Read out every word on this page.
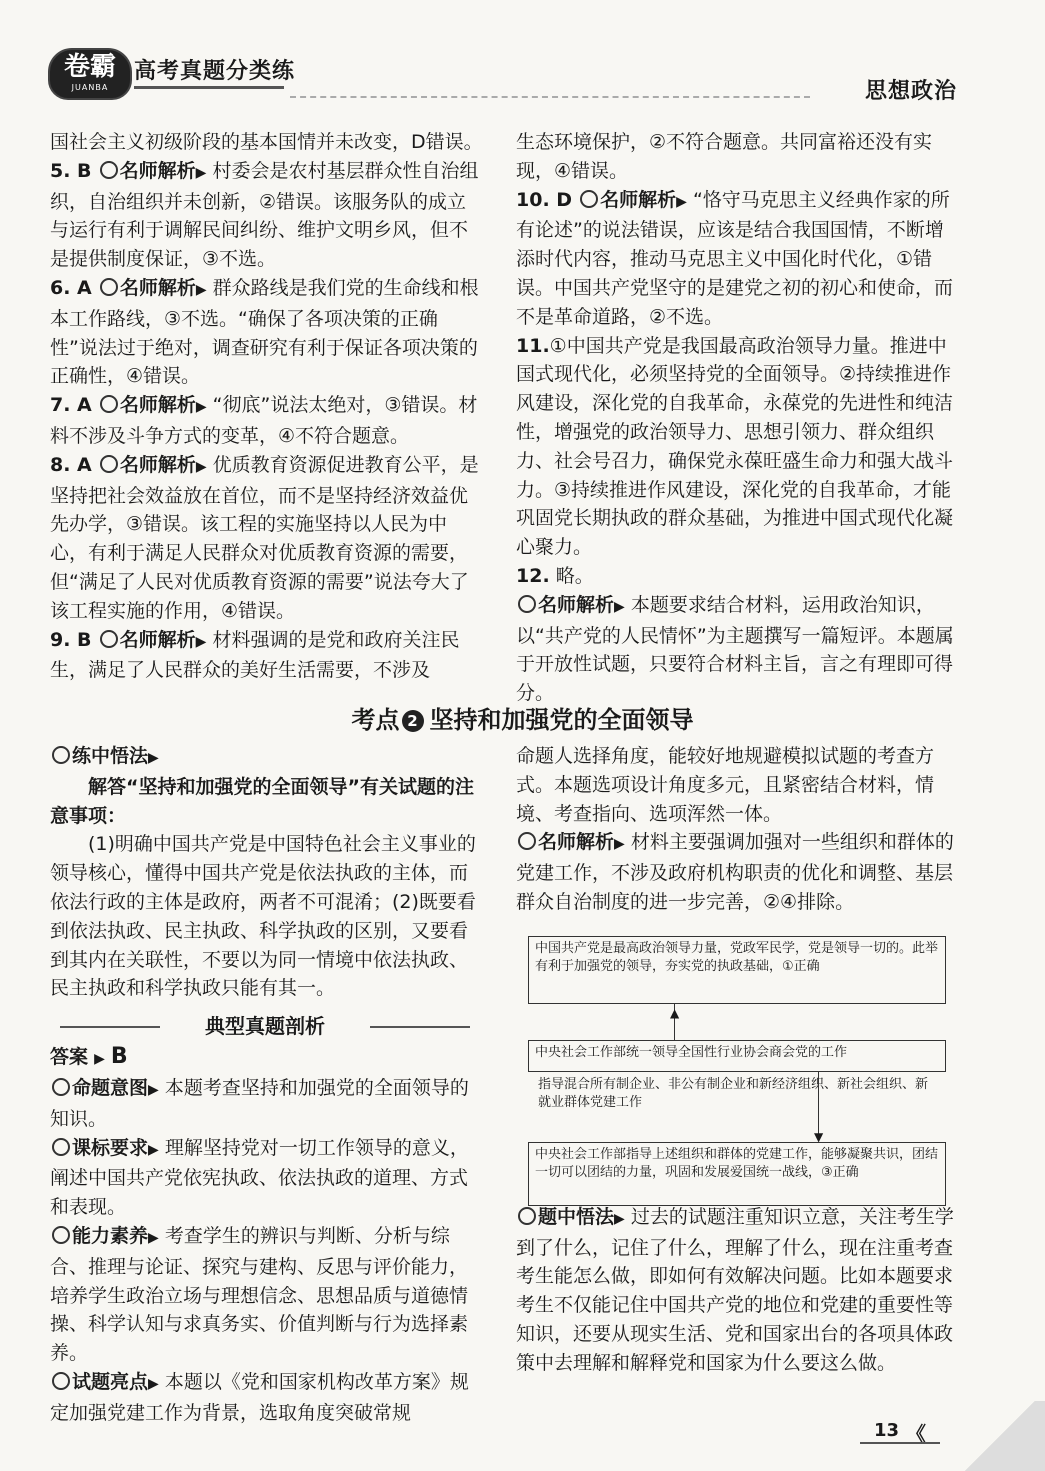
卷霸
JUANBA
高考真题分类练
思想政治

国社会主义初级阶段的基本国情并未改变，D错误。

5. B 名师解析▶ 村委会是农村基层群众性自治组织，自治组织并未创新，②错误。该服务队的成立与运行有利于调解民间纠纷、维护文明乡风，但不是提供制度保证，③不选。

6. A 名师解析▶ 群众路线是我们党的生命线和根本工作路线，③不选。“确保了各项决策的正确性”说法过于绝对，调查研究有利于保证各项决策的正确性，④错误。

7. A 名师解析▶ “彻底”说法太绝对，③错误。材料不涉及斗争方式的变革，④不符合题意。

8. A 名师解析▶ 优质教育资源促进教育公平，是坚持把社会效益放在首位，而不是坚持经济效益优先办学，③错误。该工程的实施坚持以人民为中心，有利于满足人民群众对优质教育资源的需要，但“满足了人民对优质教育资源的需要”说法夸大了该工程实施的作用，④错误。

9. B 名师解析▶ 材料强调的是党和政府关注民生，满足了人民群众的美好生活需要，不涉及

生态环境保护，②不符合题意。共同富裕还没有实现，④错误。

10. D 名师解析▶ “恪守马克思主义经典作家的所有论述”的说法错误，应该是结合我国国情，不断增添时代内容，推动马克思主义中国化时代化，①错误。中国共产党坚守的是建党之初的初心和使命，而不是革命道路，②不选。

11.①中国共产党是我国最高政治领导力量。推进中国式现代化，必须坚持党的全面领导。②持续推进作风建设，深化党的自我革命，永葆党的先进性和纯洁性，增强党的政治领导力、思想引领力、群众组织力、社会号召力，确保党永葆旺盛生命力和强大战斗力。③持续推进作风建设，深化党的自我革命，才能巩固党长期执政的群众基础，为推进中国式现代化凝心聚力。

12. 略。

名师解析▶ 本题要求结合材料，运用政治知识，以“共产党的人民情怀”为主题撰写一篇短评。本题属于开放性试题，只要符合材料主旨，言之有理即可得分。

考点 2 坚持和加强党的全面领导

练中悟法▶

解答“坚持和加强党的全面领导”有关试题的注意事项：

(1)明确中国共产党是中国特色社会主义事业的领导核心，懂得中国共产党是依法执政的主体，而依法行政的主体是政府，两者不可混淆；(2)既要看到依法执政、民主执政、科学执政的区别，又要看到其内在关联性，不要以为同一情境中依法执政、民主执政和科学执政只能有其一。

答案 ▶ B

命题意图▶ 本题考查坚持和加强党的全面领导的知识。

课标要求▶ 理解坚持党对一切工作领导的意义，阐述中国共产党依宪执政、依法执政的道理、方式和表现。

能力素养▶ 考查学生的辨识与判断、分析与综合、推理与论证、探究与建构、反思与评价能力，培养学生政治立场与理想信念、思想品质与道德情操、科学认知与求真务实、价值判断与行为选择素养。

试题亮点▶ 本题以《党和国家机构改革方案》规定加强党建工作为背景，选取角度突破常规

典型真题剖析

命题人选择角度，能较好地规避模拟试题的考查方式。本题选项设计角度多元，且紧密结合材料，情境、考查指向、选项浑然一体。

名师解析▶ 材料主要强调加强对一些组织和群体的党建工作，不涉及政府机构职责的优化和调整、基层群众自治制度的进一步完善，②④排除。

题中悟法▶ 过去的试题注重知识立意，关注考生学到了什么，记住了什么，理解了什么，现在注重考查考生能怎么做，即如何有效解决问题。比如本题要求考生不仅能记住中国共产党的地位和党建的重要性等知识，还要从现实生活、党和国家出台的各项具体政策中去理解和解释党和国家为什么要这么做。

中国共产党是最高政治领导力量，党政军民学，党是领导一切的。此举有利于加强党的领导，夯实党的执政基础，①正确
▲
中央社会工作部统一领导全国性行业协会商会党的工作
指导混合所有制企业、非公有制企业和新经济组织、新社会组织、新就业群体党建工作
▼
中央社会工作部指导上述组织和群体的党建工作，能够凝聚共识，团结一切可以团结的力量，巩固和发展爱国统一战线，③正确
13 《
